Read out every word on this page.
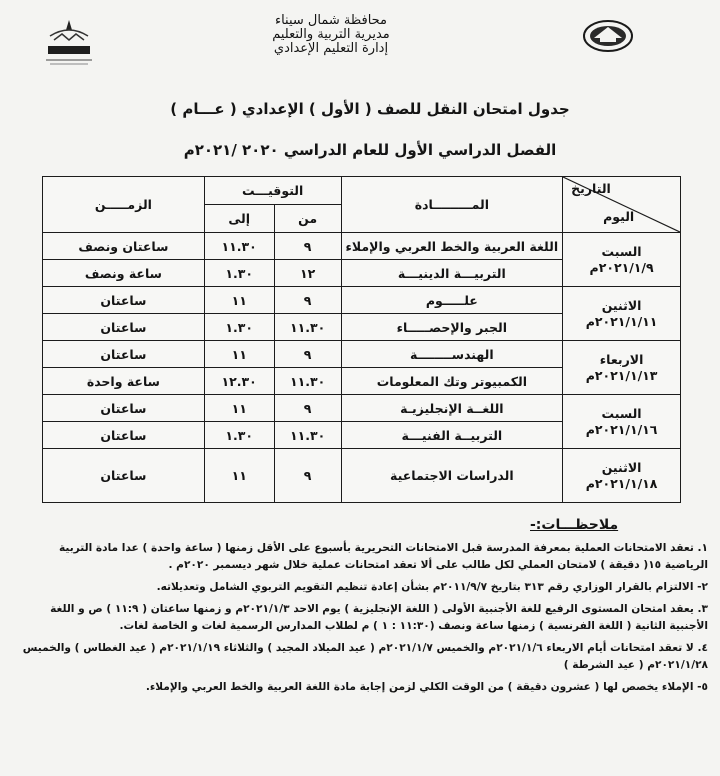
محافظة شمال سيناء
مديرية التربية والتعليم
إدارة التعليم الإعدادي
جدول امتحان النقل للصف ( الأول ) الإعدادي ( عـــام )
الفصل الدراسي الأول للعام الدراسي ٢٠٢٠ /٢٠٢١م
التاريخ
اليوم	المـــــــــادة	التوقيـــت		الزمـــــن
		من	إلى	

السبت
٢٠٢١/١/٩م	اللغة العربية والخط العربي والإملاء	٩	١١.٣٠	ساعتان ونصف
	التربيـــة الدينيـــة	١٢	١.٣٠	ساعة ونصف

الاثنين
٢٠٢١/١/١١م	علـــــوم	٩	١١	ساعتان
	الجبر والإحصـــــاء	١١.٣٠	١.٣٠	ساعتان

الاربعاء
٢٠٢١/١/١٣م	الهندســــــــة	٩	١١	ساعتان
	الكمبيوتر وتك المعلومات	١١.٣٠	١٢.٣٠	ساعة واحدة

السبت
٢٠٢١/١/١٦م	اللغــة الإنجليزيـة	٩	١١	ساعتان
	التربيــة الفنيـــة	١١.٣٠	١.٣٠	ساعتان

الاثنين
٢٠٢١/١/١٨م	الدراسات الاجتماعية	٩	١١	ساعتان
ملاحظـــات:-

١. تعقد الامتحانات العملية بمعرفة المدرسة قبل الامتحانات التحريرية بأسبوع على الأقل زمنها ( ساعة واحدة ) عدا مادة التربية الرياضية ١٥( دقيقة ) لامتحان العملي لكل طالب على ألا تعقد امتحانات عملية خلال شهر ديسمبر ٢٠٢٠م .

٢- الالتزام بالقرار الوزاري رقم ٣١٣ بتاريخ ٢٠١١/٩/٧م بشأن إعادة تنظيم التقويم التربوي الشامل وتعديلاته.

٣. يعقد امتحان المستوى الرفيع للغة الأجنبية الأولى ( اللغة الإنجليزية ) يوم الاحد ٢٠٢١/١/٣م و زمنها ساعتان ( ١١:٩ ) ص و اللغة الأجنبية الثانية ( اللغة الفرنسية ) زمنها ساعة ونصف (١١:٣٠ : ١ ) م لطلاب المدارس الرسمية لغات و الخاصة لغات.

٤. لا تعقد امتحانات أيام الاربعاء ٢٠٢١/١/٦م والخميس ٢٠٢١/١/٧م ( عيد الميلاد المجيد ) والثلاثاء ٢٠٢١/١/١٩م ( عيد الغطاس ) والخميس ٢٠٢١/١/٢٨م ( عيد الشرطة )

٥- الإملاء يخصص لها ( عشرون دقيقة ) من الوقت الكلي لزمن إجابة مادة اللغة العربية والخط العربي والإملاء.
